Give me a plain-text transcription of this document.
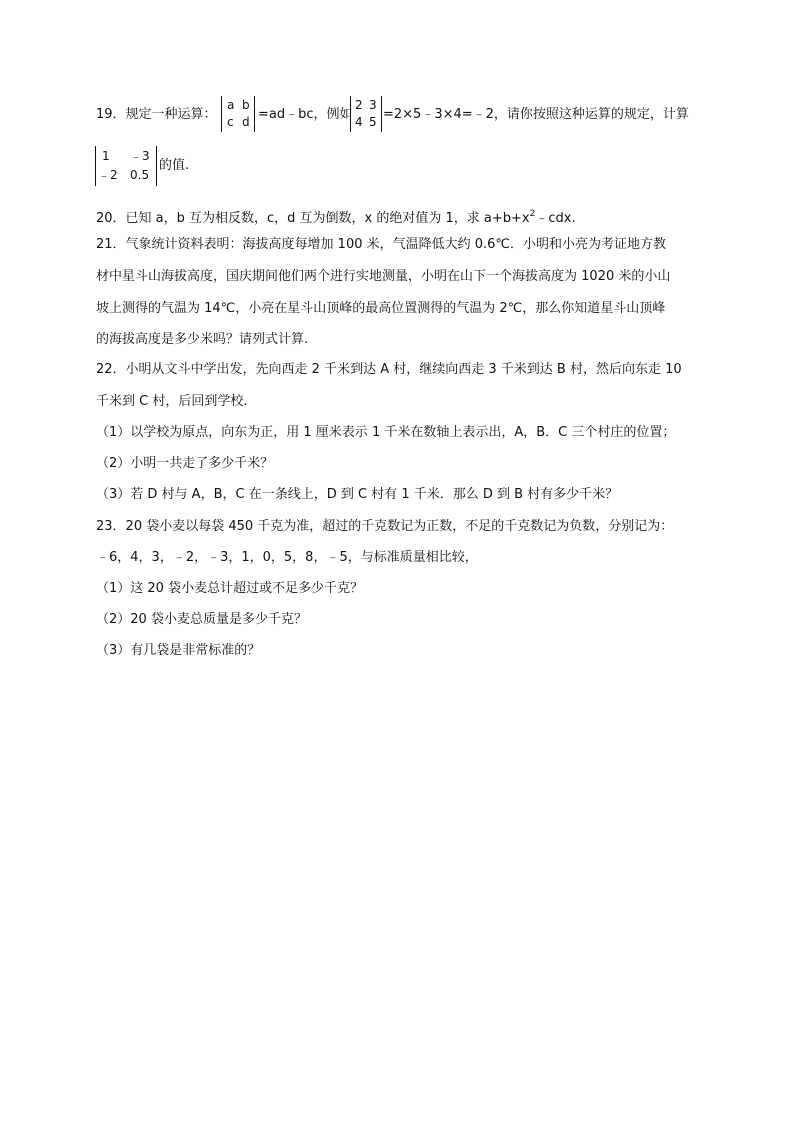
19．规定一种运算：
a b
c d =ad﹣bc，例如
2 3
4 5 =2×5﹣3×4=﹣2，请你按照这种运算的规定，计算
1 ﹣3
﹣2 0.5
的值.
20．已知 a，b 互为相反数，c，d 互为倒数，x 的绝对值为 1，求 $a+b+x^2﹣cdx$.
21．气象统计资料表明：海拔高度每增加 100 米，气温降低大约 0.6℃．小明和小亮为考证地方教
材中星斗山海拔高度，国庆期间他们两个进行实地测量，小明在山下一个海拔高度为 1020 米的小山
坡上测得的气温为 14℃，小亮在星斗山顶峰的最高位置测得的气温为 2℃，那么你知道星斗山顶峰
的海拔高度是多少米吗？请列式计算.
22．小明从文斗中学出发，先向西走 2 千米到达 A 村，继续向西走 3 千米到达 B 村，然后向东走 10
千米到 C 村，后回到学校.
（1）以学校为原点，向东为正，用 1 厘米表示 1 千米在数轴上表示出，A，B．C 三个村庄的位置；
（2）小明一共走了多少千米？
（3）若 D 村与 A，B，C 在一条线上，D 到 C 村有 1 千米．那么 D 到 B 村有多少千米？
23．20 袋小麦以每袋 450 千克为准，超过的千克数记为正数，不足的千克数记为负数，分别记为：
﹣6，4，3，﹣2，﹣3，1，0，5，8，﹣5，与标准质量相比较，
（1）这 20 袋小麦总计超过或不足多少千克？
（2）20 袋小麦总质量是多少千克？
（3）有几袋是非常标准的？
